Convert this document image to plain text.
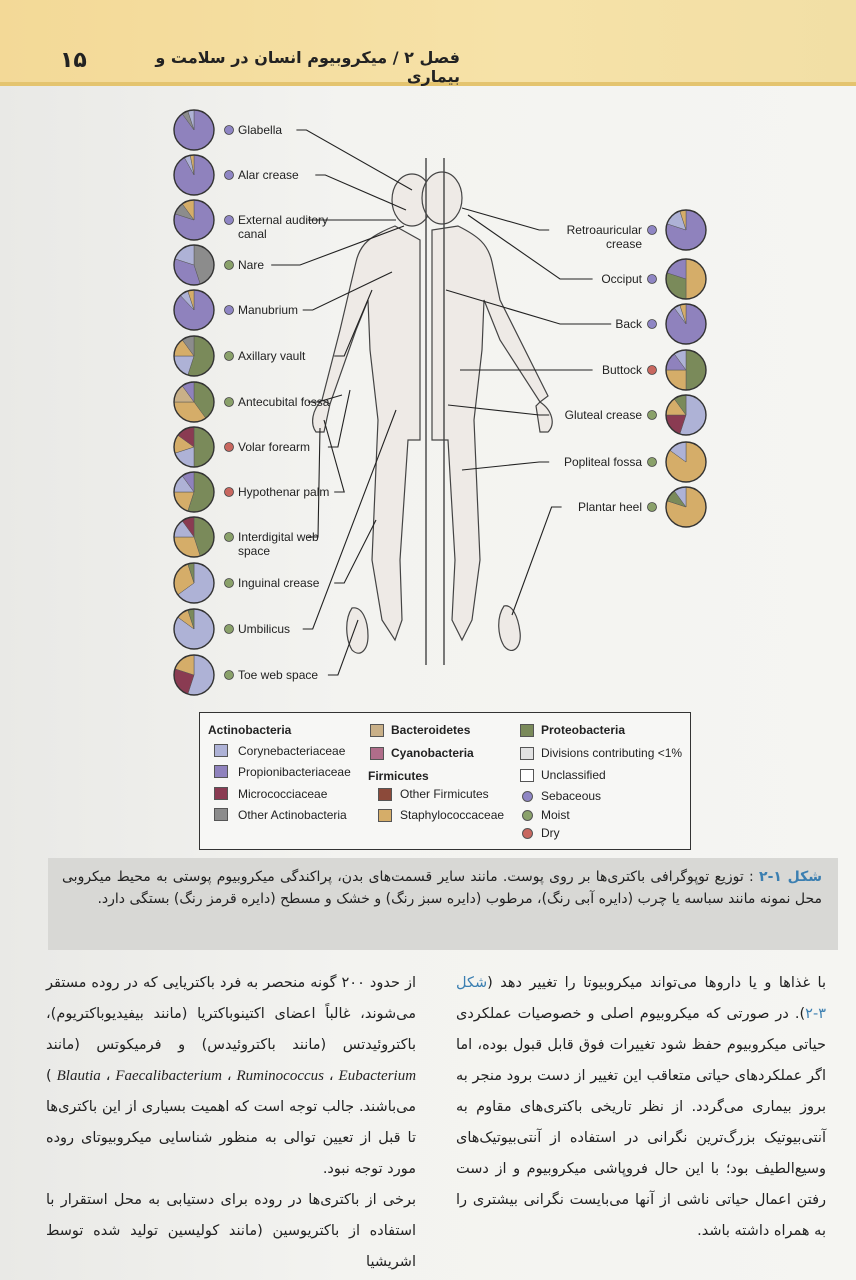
۱۵	فصل ۲ / میکروبیوم انسان در سلامت و بیماری
Glabella
Alar crease
External auditory canal
Nare
Manubrium
Axillary vault
Antecubital fossa
Volar forearm
Hypothenar palm
Interdigital web space
Inguinal crease
Umbilicus
Toe web space
Retroauricular crease
Occiput
Back
Buttock
Gluteal crease
Popliteal fossa
Plantar heel
Actinobacteria
Corynebacteriaceae
Propionibacteriaceae
Micrococciaceae
Other Actinobacteria
Bacteroidetes
Cyanobacteria
Firmicutes
Other Firmicutes
Staphylococcaceae
Proteobacteria
Divisions contributing <1%
Unclassified
Sebaceous
Moist
Dry
شکل ۱-۲ : توزیع توپوگرافی باکتری‌ها بر روی پوست. مانند سایر قسمت‌های بدن، پراکندگی میکروبیوم پوستی به محیط میکروبی محل نمونه مانند سباسه یا چرب (دایره آبی رنگ)، مرطوب (دایره سبز رنگ) و خشک و مسطح (دایره قرمز رنگ) بستگی دارد.
با غذاها و یا داروها می‌تواند میکروبیوتا را تغییر دهد (شکل ۳-۲). در صورتی که میکروبیوم اصلی و خصوصیات عملکردی حیاتی میکروبیوم حفظ شود تغییرات فوق قابل قبول بوده، اما اگر عملکردهای حیاتی متعاقب این تغییر از دست برود منجر به بروز بیماری می‌گردد. از نظر تاریخی باکتری‌های مقاوم به آنتی‌بیوتیک بزرگ‌ترین نگرانی در استفاده از آنتی‌بیوتیک‌های وسیع‌الطیف بود؛ با این حال فروپاشی میکروبیوم و از دست رفتن اعمال حیاتی ناشی از آنها می‌بایست نگرانی بیشتری را به همراه داشته باشد.
از حدود ۲۰۰ گونه منحصر به فرد باکتریایی که در روده مستقر می‌شوند، غالباً اعضای اکتینوباکتریا (مانند بیفیدیوباکتریوم)، باکتروئیدتس (مانند باکتروئیدس) و فرمیکوتس (مانند Eubacterium ، Ruminococcus ، Faecalibacterium ، Blautia ) می‌باشند. جالب توجه است که اهمیت بسیاری از این باکتری‌ها تا قبل از تعیین توالی به منظور شناسایی میکروبیوتای روده مورد توجه نبود.
برخی از باکتری‌ها در روده برای دستیابی به محل استقرار با استفاده از باکتریوسین (مانند کولیسین تولید شده توسط اشریشیا
